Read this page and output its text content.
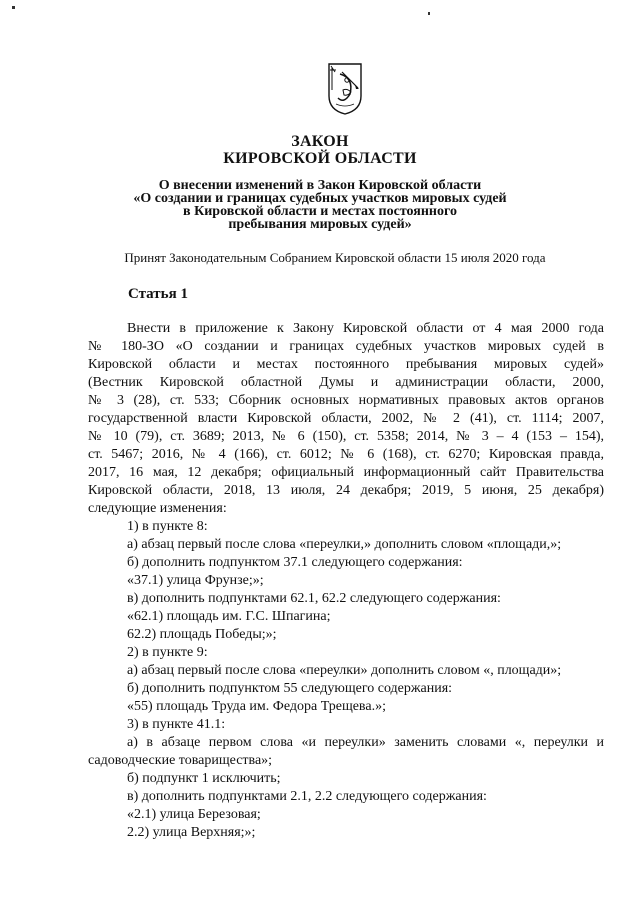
ЗАКОН
КИРОВСКОЙ ОБЛАСТИ
О внесении изменений в Закон Кировской области
«О создании и границах судебных участков мировых судей
в Кировской области и местах постоянного
пребывания мировых судей»
Принят Законодательным Собранием Кировской области 15 июля 2020 года
Статья 1
Внести в приложение к Закону Кировской области от 4 мая 2000 года
№ 180-ЗО «О создании и границах судебных участков мировых судей в
Кировской области и местах постоянного пребывания мировых судей»
(Вестник Кировской областной Думы и администрации области, 2000,
№ 3 (28), ст. 533; Сборник основных нормативных правовых актов органов
государственной власти Кировской области, 2002, № 2 (41), ст. 1114; 2007,
№ 10 (79), ст. 3689; 2013, № 6 (150), ст. 5358; 2014, № 3 – 4 (153 – 154),
ст. 5467; 2016, № 4 (166), ст. 6012; № 6 (168), ст. 6270; Кировская правда,
2017, 16 мая, 12 декабря; официальный информационный сайт Правительства
Кировской области, 2018, 13 июля, 24 декабря; 2019, 5 июня, 25 декабря)
следующие изменения:
1) в пункте 8:
а) абзац первый после слова «переулки,» дополнить словом «площади,»;
б) дополнить подпунктом 37.1 следующего содержания:
«37.1) улица Фрунзе;»;
в) дополнить подпунктами 62.1, 62.2 следующего содержания:
«62.1) площадь им. Г.С. Шпагина;
62.2) площадь Победы;»;
2) в пункте 9:
а) абзац первый после слова «переулки» дополнить словом «, площади»;
б) дополнить подпунктом 55 следующего содержания:
«55) площадь Труда им. Федора Трещева.»;
3) в пункте 41.1:
а) в абзаце первом слова «и переулки» заменить словами «, переулки и
садоводческие товарищества»;
б) подпункт 1 исключить;
в) дополнить подпунктами 2.1, 2.2 следующего содержания:
«2.1) улица Березовая;
2.2) улица Верхняя;»;
